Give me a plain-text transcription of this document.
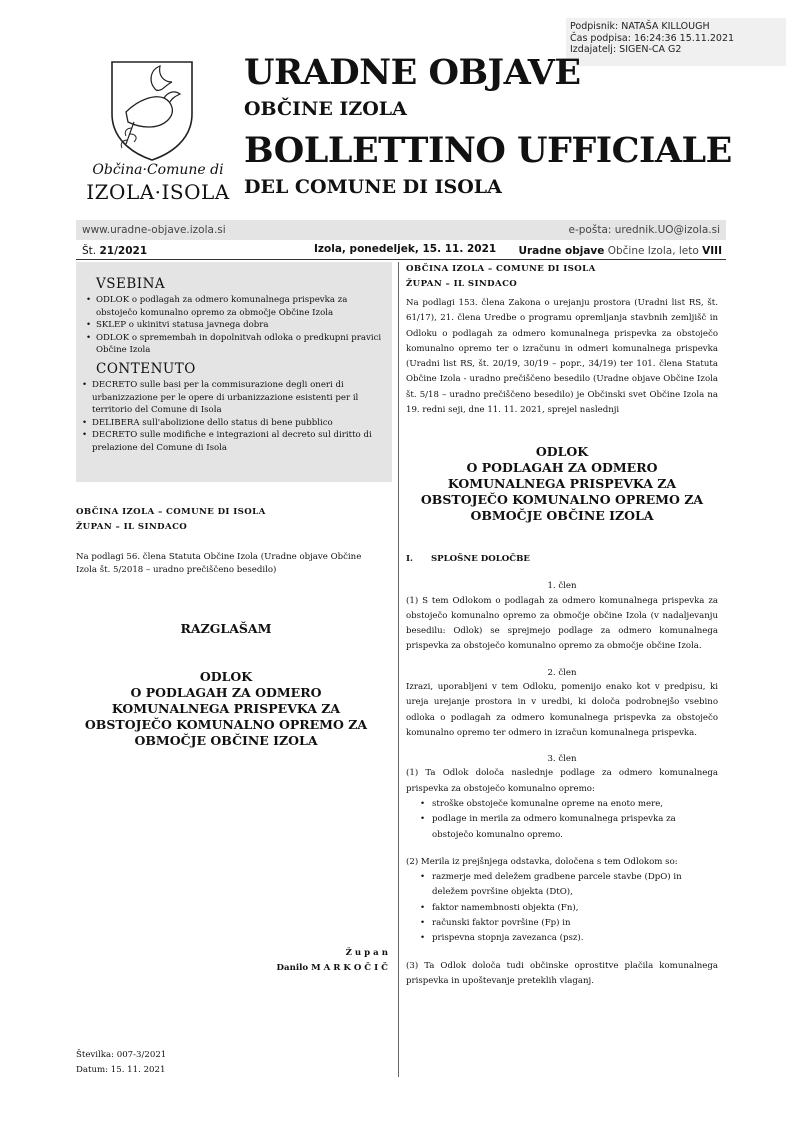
Podpisnik: NATAŠA KILLOUGH
Čas podpisa: 16:24:36 15.11.2021
Izdajatelj: SIGEN-CA G2
Občina·Comune di
IZOLA·ISOLA
URADNE OBJAVE
OBČINE IZOLA
BOLLETTINO UFFICIALE
DEL COMUNE DI ISOLA
www.uradne-objave.izola.si	e-pošta: urednik.UO@izola.si
Št. 21/2021	Izola, ponedeljek, 15. 11. 2021 Uradne objave Občine Izola, leto VIII
VSEBINA
• ODLOK o podlagah za odmero komunalnega prispevka za obstoječo komunalno opremo za območje Občine Izola
• SKLEP o ukinitvi statusa javnega dobra
• ODLOK o spremembah in dopolnitvah odloka o predkupni pravici Občine Izola
CONTENUTO
• DECRETO sulle basi per la commisurazione degli oneri di urbanizzazione per le opere di urbanizzazione esistenti per il territorio del Comune di Isola
• DELIBERA sull'abolizione dello status di bene pubblico
• DECRETO sulle modifiche e integrazioni al decreto sul diritto di prelazione del Comune di Isola
OBČINA IZOLA – COMUNE DI ISOLA
ŽUPAN – IL SINDACO
Na podlagi 56. člena Statuta Občine Izola (Uradne objave Občine Izola št. 5/2018 – uradno prečiščeno besedilo)
RAZGLAŠAM
ODLOK
O PODLAGAH ZA ODMERO
KOMUNALNEGA PRISPEVKA ZA
OBSTOJEČO KOMUNALNO OPREMO ZA
OBMOČJE OBČINE IZOLA
Ž u p a n
Danilo M A R K O Č I Č
Številka: 007-3/2021
Datum: 15. 11. 2021
OBČINA IZOLA – COMUNE DI ISOLA
ŽUPAN – IL SINDACO
Na podlagi 153. člena Zakona o urejanju prostora (Uradni list RS, št. 61/17), 21. člena Uredbe o programu opremljanja stavbnih zemljišč in Odloku o podlagah za odmero komunalnega prispevka za obstoječo komunalno opremo ter o izračunu in odmeri komunalnega prispevka (Uradni list RS, št. 20/19, 30/19 – popr., 34/19) ter 101. člena Statuta Občine Izola - uradno prečiščeno besedilo (Uradne objave Občine Izola št. 5/18 – uradno prečiščeno besedilo) je Občinski svet Občine Izola na 19. redni seji, dne 11. 11. 2021, sprejel naslednji
ODLOK
O PODLAGAH ZA ODMERO
KOMUNALNEGA PRISPEVKA ZA
OBSTOJEČO KOMUNALNO OPREMO ZA
OBMOČJE OBČINE IZOLA
I.      SPLOŠNE DOLOČBE
1. člen
(1) S tem Odlokom o podlagah za odmero komunalnega prispevka za obstoječo komunalno opremo za območje občine Izola (v nadaljevanju besedilu: Odlok) se sprejmejo podlage za odmero komunalnega prispevka za obstoječo komunalno opremo za območje občine Izola.
2. člen
Izrazi, uporabljeni v tem Odloku, pomenijo enako kot v predpisu, ki ureja urejanje prostora in v uredbi, ki določa podrobnejšo vsebino odloka o podlagah za odmero komunalnega prispevka za obstoječo komunalno opremo ter odmero in izračun komunalnega prispevka.
3. člen
(1) Ta Odlok določa naslednje podlage za odmero komunalnega prispevka za obstoječo komunalno opremo:
• stroške obstoječe komunalne opreme na enoto mere,
• podlage in merila za odmero komunalnega prispevka za obstoječo komunalno opremo.
(2) Merila iz prejšnjega odstavka, določena s tem Odlokom so:
• razmerje med deležem gradbene parcele stavbe (DpO) in deležem površine objekta (DtO),
• faktor namembnosti objekta (Fn),
• računski faktor površine (Fp) in
• prispevna stopnja zavezanca (psz).
(3) Ta Odlok določa tudi občinske oprostitve plačila komunalnega prispevka in upoštevanje preteklih vlaganj.
